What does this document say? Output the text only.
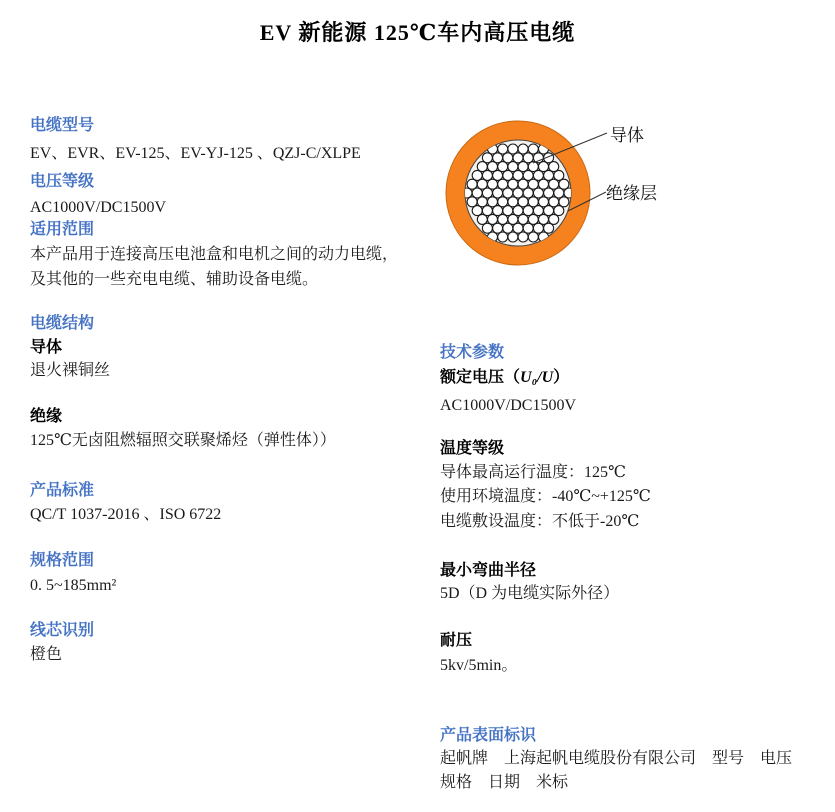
EV 新能源 125℃车内高压电缆
电缆型号
EV、EVR、EV-125、EV-YJ-125 、QZJ-C/XLPE
电压等级
AC1000V/DC1500V
适用范围
本产品用于连接高压电池盒和电机之间的动力电缆，
及其他的一些充电电缆、辅助设备电缆。
电缆结构
导体
退火裸铜丝
绝缘
125℃无卤阻燃辐照交联聚烯烃（弹性体））
产品标准
QC/T 1037-2016 、ISO 6722
规格范围
0. 5~185mm²
线芯识别
橙色
导体
绝缘层
技术参数
额定电压（U₀/U）
AC1000V/DC1500V
温度等级
导体最高运行温度：125℃
使用环境温度：-40℃~+125℃
电缆敷设温度：不低于-20℃
最小弯曲半径
5D（D 为电缆实际外径）
耐压
5kv/5min。
产品表面标识
起帆牌　上海起帆电缆股份有限公司　型号　电压
规格　日期　米标
